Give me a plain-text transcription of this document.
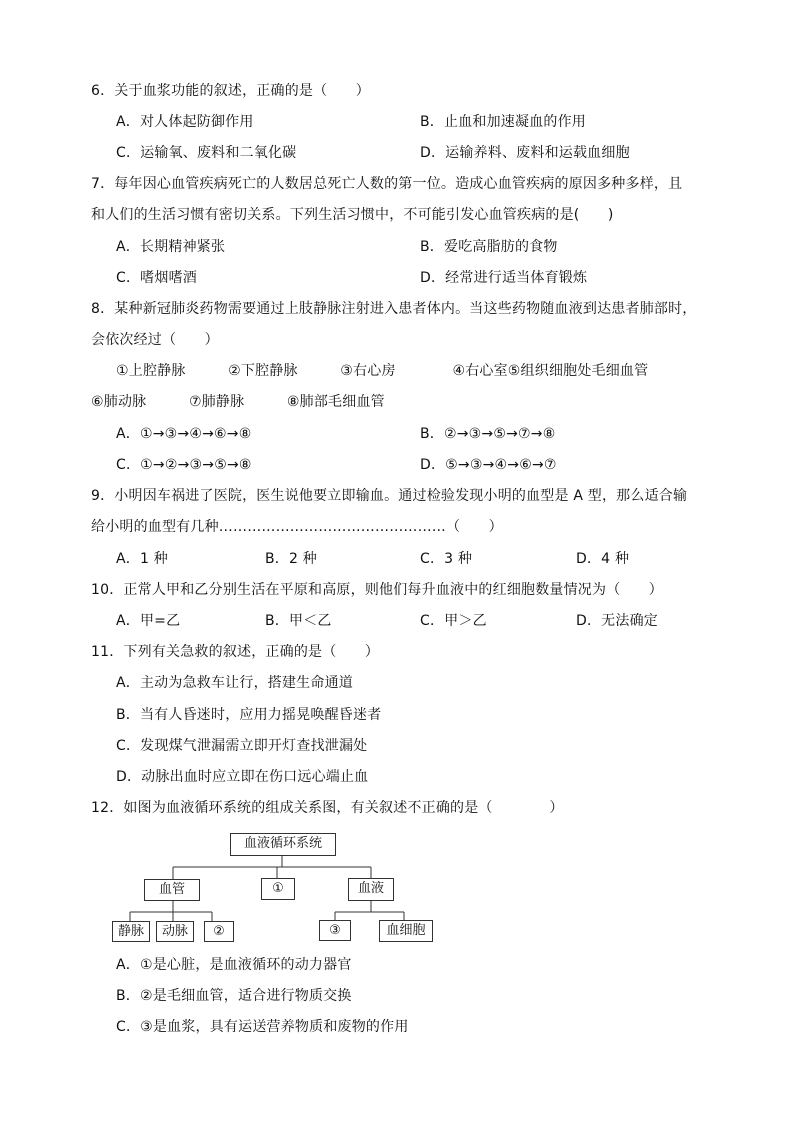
6．关于血浆功能的叙述，正确的是（　　）
A．对人体起防御作用	B．止血和加速凝血的作用
C．运输氧、废料和二氧化碳	D．运输养料、废料和运载血细胞
7．每年因心血管疾病死亡的人数居总死亡人数的第一位。造成心血管疾病的原因多种多样，且
和人们的生活习惯有密切关系。下列生活习惯中，不可能引发心血管疾病的是(　　)
A．长期精神紧张	B．爱吃高脂肪的食物
C．嗜烟嗜酒	D．经常进行适当体育锻炼
8．某种新冠肺炎药物需要通过上肢静脉注射进入患者体内。当这些药物随血液到达患者肺部时，
会依次经过（　　）
①上腔静脉　　　②下腔静脉　　　③右心房　　　　④右心室⑤组织细胞处毛细血管
⑥肺动脉　　　⑦肺静脉　　　⑧肺部毛细血管
A．①→③→④→⑥→⑧	B．②→③→⑤→⑦→⑧
C．①→②→③→⑤→⑧	D．⑤→③→④→⑥→⑦
9．小明因车祸进了医院，医生说他要立即输血。通过检验发现小明的血型是 A 型，那么适合输
给小明的血型有几种…………………………………………（　　）
A．1 种	B．2 种	C．3 种	D．4 种
10．正常人甲和乙分别生活在平原和高原，则他们每升血液中的红细胞数量情况为（　　）
A．甲=乙	B．甲＜乙	C．甲＞乙	D．无法确定
11．下列有关急救的叙述，正确的是（　　）
A．主动为急救车让行，搭建生命通道
B．当有人昏迷时，应用力摇晃唤醒昏迷者
C．发现煤气泄漏需立即开灯查找泄漏处
D．动脉出血时应立即在伤口远心端止血
12．如图为血液循环系统的组成关系图，有关叙述不正确的是（　　　　）
血液循环系统
血管	①	血液
静脉	动脉	②	③	血细胞
A．①是心脏，是血液循环的动力器官
B．②是毛细血管，适合进行物质交换
C．③是血浆，具有运送营养物质和废物的作用
